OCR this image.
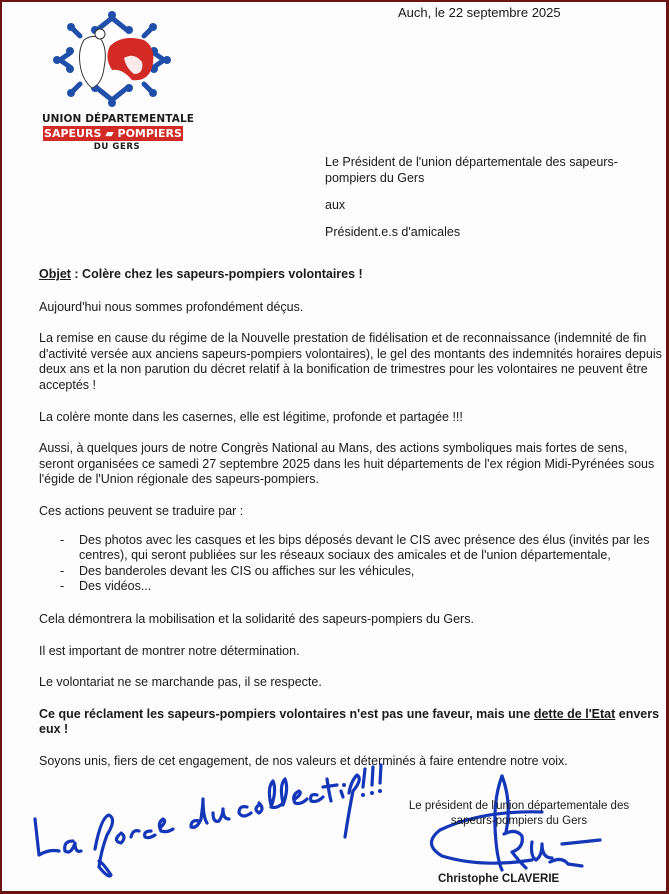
UNION DÉPARTEMENTALE
SAPEURS ▰ POMPIERS
DU GERS
Auch, le 22 septembre 2025
Le Président de l'union départementale des sapeurs-
pompiers du Gers
aux
Président.e.s d'amicales

Objet : Colère chez les sapeurs-pompiers volontaires !

Aujourd'hui nous sommes profondément déçus.

La remise en cause du régime de la Nouvelle prestation de fidélisation et de reconnaissance (indemnité de fin d'activité versée aux anciens sapeurs-pompiers volontaires), le gel des montants des indemnités horaires depuis deux ans et la non parution du décret relatif à la bonification de trimestres pour les volontaires ne peuvent être acceptés !

La colère monte dans les casernes, elle est légitime, profonde et partagée !!!

Aussi, à quelques jours de notre Congrès National au Mans, des actions symboliques mais fortes de sens, seront organisées ce samedi 27 septembre 2025 dans les huit départements de l'ex région Midi-Pyrénées sous l'égide de l'Union régionale des sapeurs-pompiers.

Ces actions peuvent se traduire par :

- Des photos avec les casques et les bips déposés devant le CIS avec présence des élus (invités par les centres), qui seront publiées sur les réseaux sociaux des amicales et de l'union départementale,
- Des banderoles devant les CIS ou affiches sur les véhicules,
- Des vidéos...

Cela démontrera la mobilisation et la solidarité des sapeurs-pompiers du Gers.

Il est important de montrer notre détermination.

Le volontariat ne se marchande pas, il se respecte.

Ce que réclament les sapeurs-pompiers volontaires n'est pas une faveur, mais une dette de l'Etat envers eux !

Soyons unis, fiers de cet engagement, de nos valeurs et déterminés à faire entendre notre voix.

Le président de l'union départementale des
sapeurs-pompiers du Gers
Christophe CLAVERIE
